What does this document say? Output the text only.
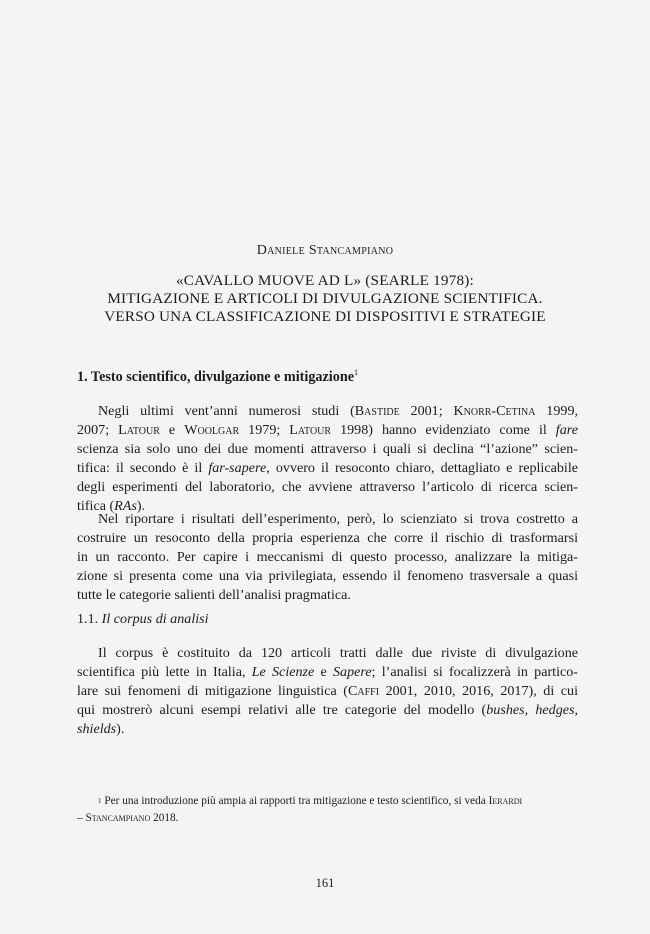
Daniele Stancampiano
«CAVALLO MUOVE AD L» (SEARLE 1978):
MITIGAZIONE E ARTICOLI DI DIVULGAZIONE SCIENTIFICA.
VERSO UNA CLASSIFICAZIONE DI DISPOSITIVI E STRATEGIE
1. Testo scientifico, divulgazione e mitigazione$^1$
Negli ultimi vent’anni numerosi studi (Bastide 2001; Knorr-Cetina 1999,
2007; Latour e Woolgar 1979; Latour 1998) hanno evidenziato come il fare
scienza sia solo uno dei due momenti attraverso i quali si declina “l’azione” scien-
tifica: il secondo è il far-sapere, ovvero il resoconto chiaro, dettagliato e replicabile
degli esperimenti del laboratorio, che avviene attraverso l’articolo di ricerca scien-
tifica (RAs).
Nel riportare i risultati dell’esperimento, però, lo scienziato si trova costretto a
costruire un resoconto della propria esperienza che corre il rischio di trasformarsi
in un racconto. Per capire i meccanismi di questo processo, analizzare la mitiga-
zione si presenta come una via privilegiata, essendo il fenomeno trasversale a quasi
tutte le categorie salienti dell’analisi pragmatica.
1.1. Il corpus di analisi
Il corpus è costituito da 120 articoli tratti dalle due riviste di divulgazione
scientifica più lette in Italia, Le Scienze e Sapere; l’analisi si focalizzerà in partico-
lare sui fenomeni di mitigazione linguistica (Caffi 2001, 2010, 2016, 2017), di cui
qui mostrerò alcuni esempi relativi alle tre categorie del modello (bushes, hedges,
shields).
$^1$ Per una introduzione più ampia ai rapporti tra mitigazione e testo scientifico, si veda Ierardi
– Stancampiano 2018.
161
